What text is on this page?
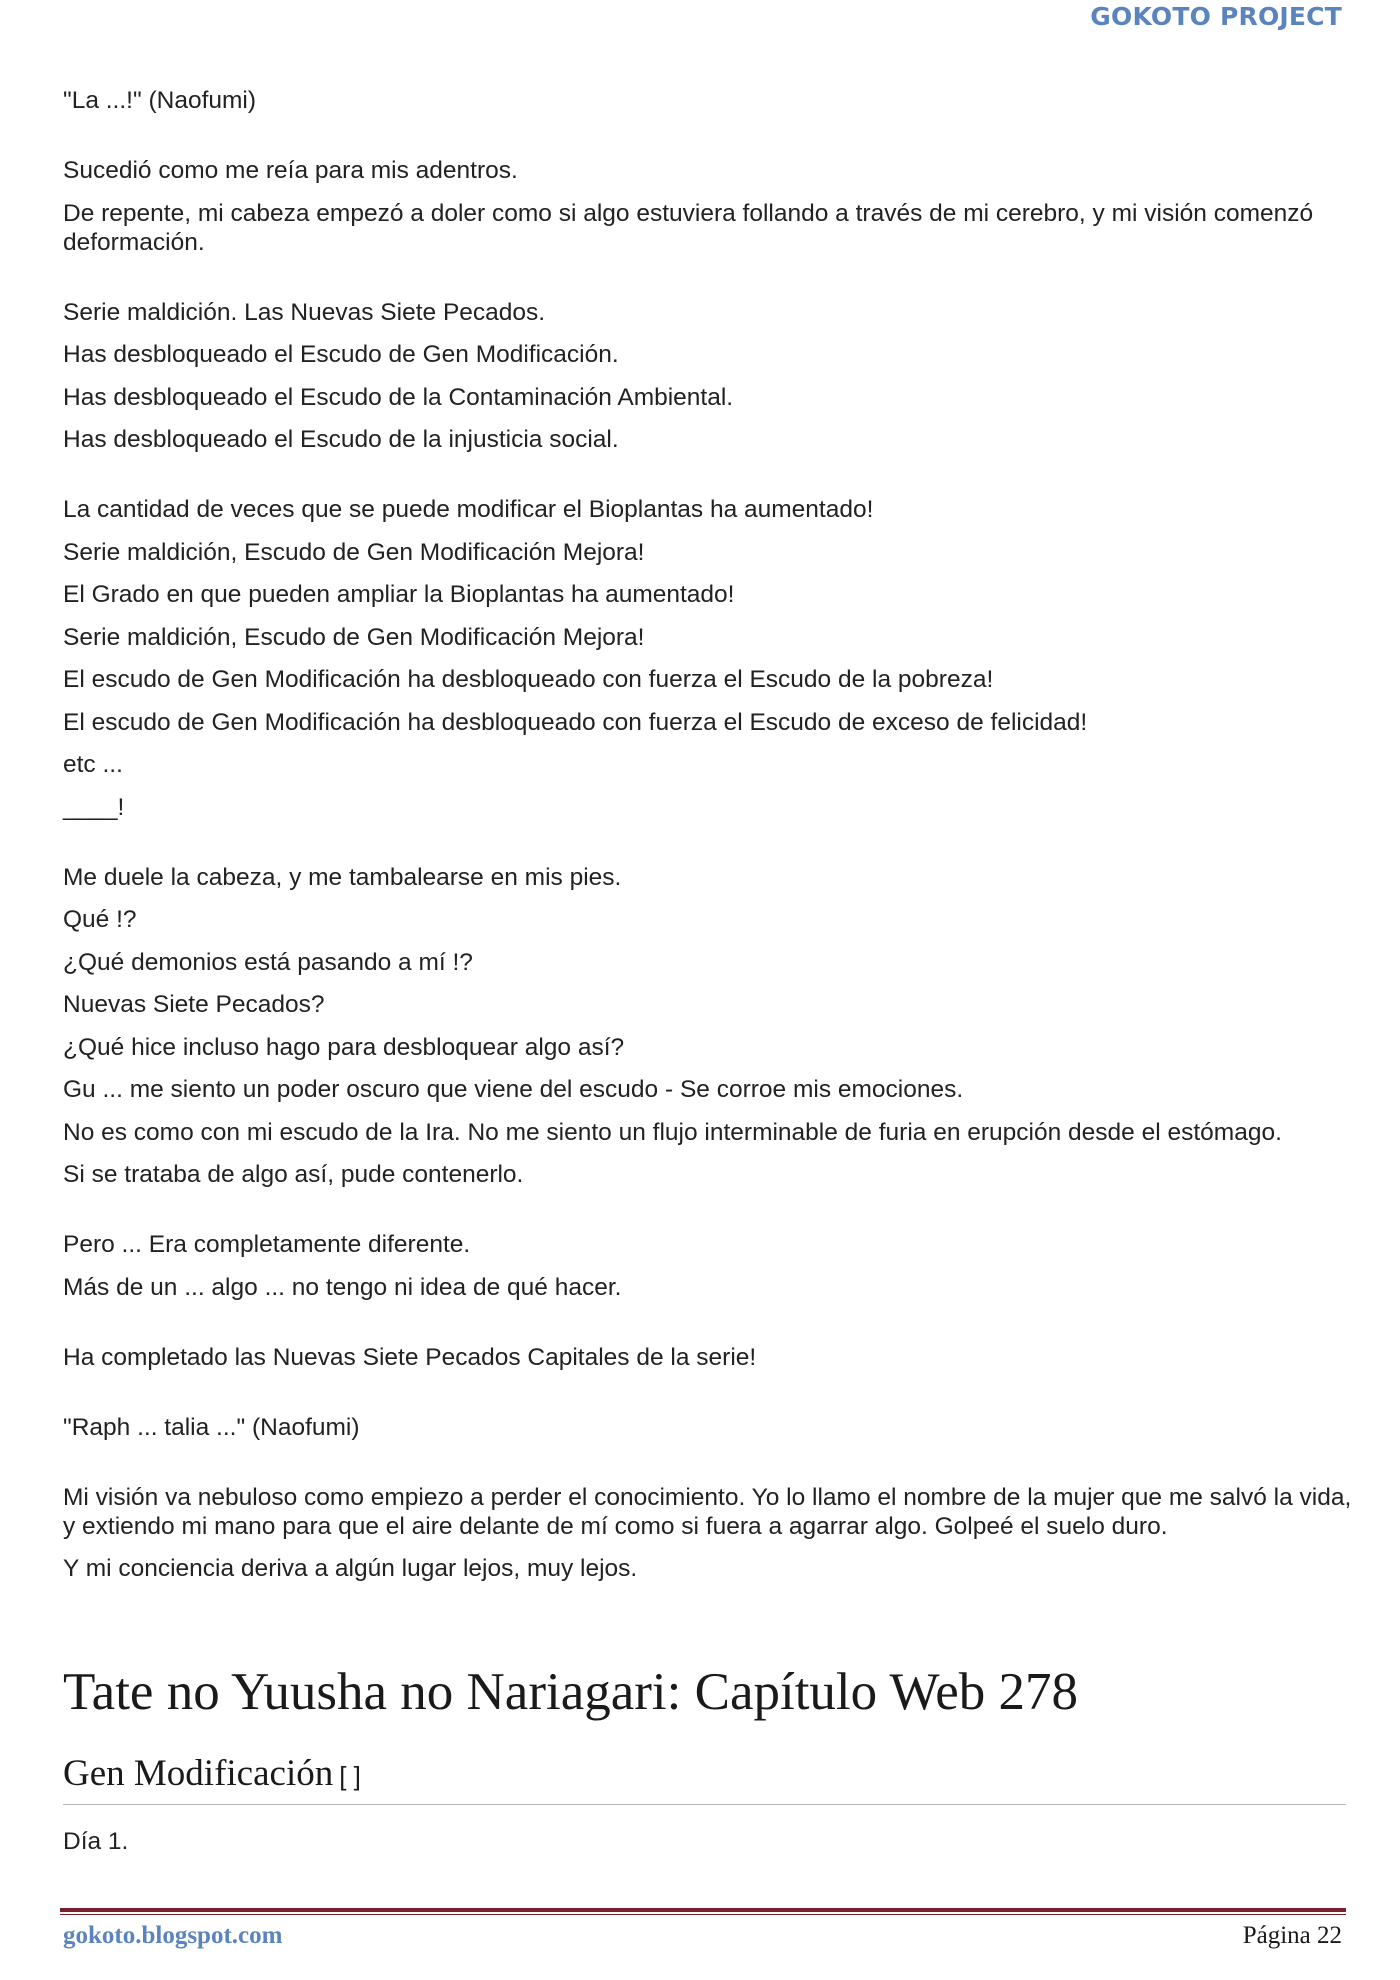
GOKOTO PROJECT

"La ...!" (Naofumi)

Sucedió como me reía para mis adentros.

De repente, mi cabeza empezó a doler como si algo estuviera follando a través de mi cerebro, y mi visión comenzó deformación.

Serie maldición. Las Nuevas Siete Pecados.

Has desbloqueado el Escudo de Gen Modificación.

Has desbloqueado el Escudo de la Contaminación Ambiental.

Has desbloqueado el Escudo de la injusticia social.

La cantidad de veces que se puede modificar el Bioplantas ha aumentado!

Serie maldición, Escudo de Gen Modificación Mejora!

El Grado en que pueden ampliar la Bioplantas ha aumentado!

Serie maldición, Escudo de Gen Modificación Mejora!

El escudo de Gen Modificación ha desbloqueado con fuerza el Escudo de la pobreza!

El escudo de Gen Modificación ha desbloqueado con fuerza el Escudo de exceso de felicidad!

etc ...

____!

Me duele la cabeza, y me tambalearse en mis pies.

Qué !?

¿Qué demonios está pasando a mí !?

Nuevas Siete Pecados?

¿Qué hice incluso hago para desbloquear algo así?

Gu ... me siento un poder oscuro que viene del escudo - Se corroe mis emociones.

No es como con mi escudo de la Ira. No me siento un flujo interminable de furia en erupción desde el estómago.

Si se trataba de algo así, pude contenerlo.

Pero ... Era completamente diferente.

Más de un ... algo ... no tengo ni idea de qué hacer.

Ha completado las Nuevas Siete Pecados Capitales de la serie!

"Raph ... talia ..." (Naofumi)

Mi visión va nebuloso como empiezo a perder el conocimiento. Yo lo llamo el nombre de la mujer que me salvó la vida, y extiendo mi mano para que el aire delante de mí como si fuera a agarrar algo. Golpeé el suelo duro.

Y mi conciencia deriva a algún lugar lejos, muy lejos.

Tate no Yuusha no Nariagari: Capítulo Web 278
Gen Modificación [ ]
Día 1.
gokoto.blogspot.com	Página 22
